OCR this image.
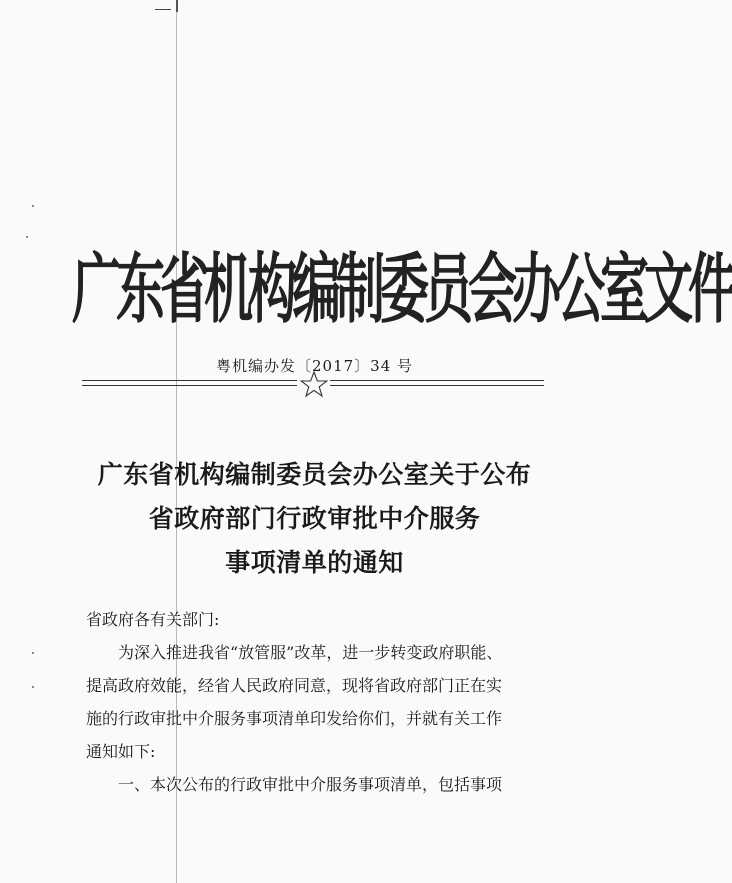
广东省机构编制委员会办公室文件
粤机编办发〔2017〕34 号
广东省机构编制委员会办公室关于公布
省政府部门行政审批中介服务
事项清单的通知
省政府各有关部门:
为深入推进我省“放管服”改革，进一步转变政府职能、
提高政府效能，经省人民政府同意，现将省政府部门正在实
施的行政审批中介服务事项清单印发给你们，并就有关工作
通知如下:
一、本次公布的行政审批中介服务事项清单，包括事项
